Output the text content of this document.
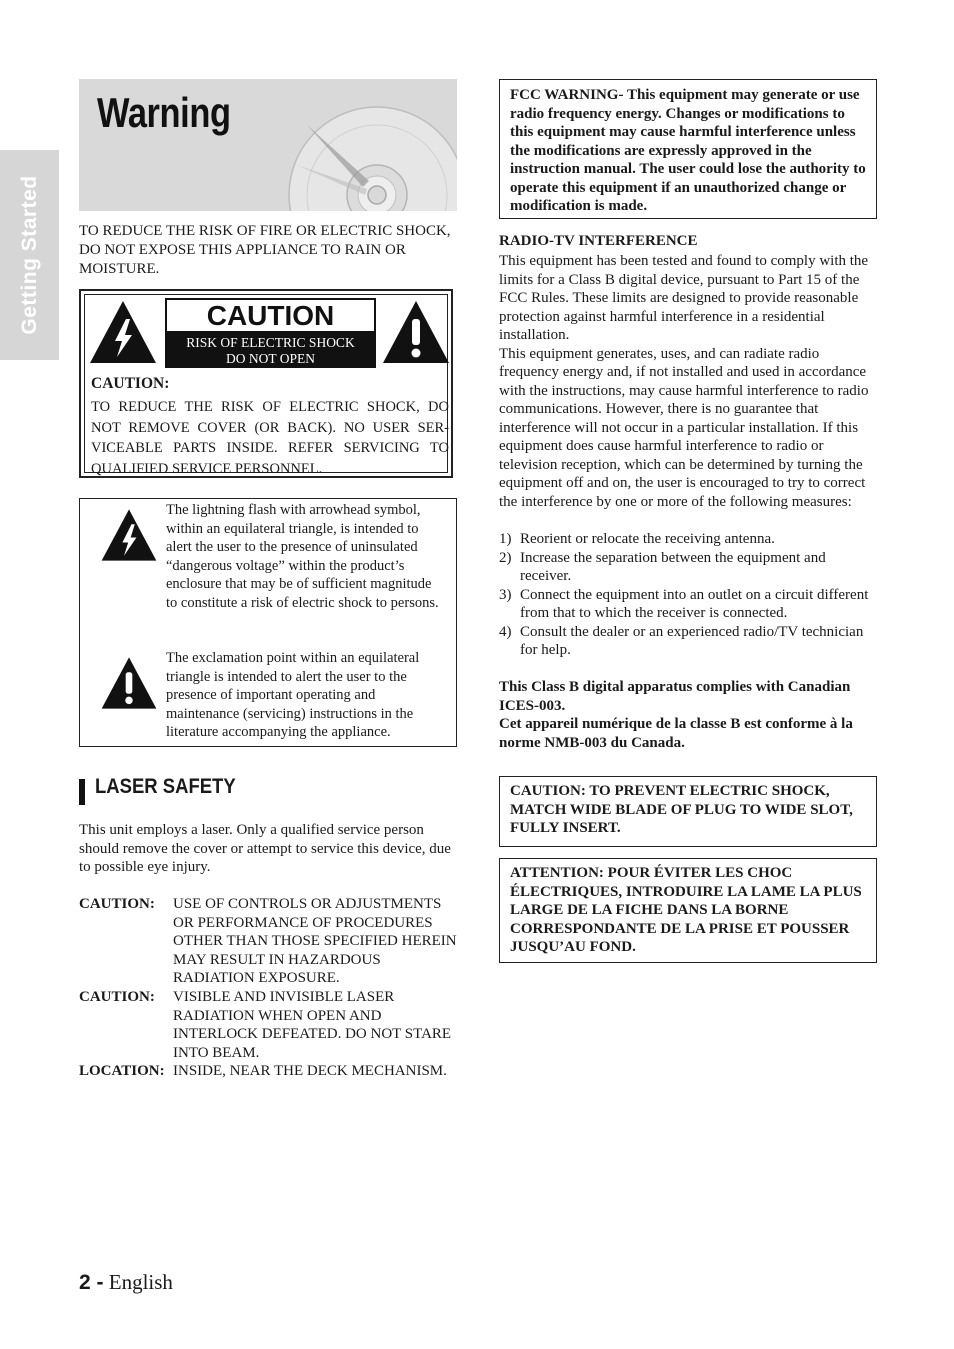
Getting Started
Warning
TO REDUCE THE RISK OF FIRE OR ELECTRIC SHOCK, DO NOT EXPOSE THIS APPLIANCE TO RAIN OR MOISTURE.
CAUTION
RISK OF ELECTRIC SHOCK
DO NOT OPEN
CAUTION:
TO REDUCE THE RISK OF ELECTRIC SHOCK, DO NOT REMOVE COVER (OR BACK). NO USER SER-VICEABLE PARTS INSIDE. REFER SERVICING TO QUALIFIED SERVICE PERSONNEL.
The lightning flash with arrowhead symbol, within an equilateral triangle, is intended to alert the user to the presence of uninsulated “dangerous voltage” within the product’s enclosure that may be of sufficient magnitude to constitute a risk of electric shock to persons.
The exclamation point within an equilateral triangle is intended to alert the user to the presence of important operating and maintenance (servicing) instructions in the literature accompanying the appliance.
LASER SAFETY
This unit employs a laser. Only a qualified service person should remove the cover or attempt to service this device, due to possible eye injury.
CAUTION: USE OF CONTROLS OR ADJUSTMENTS OR PERFORMANCE OF PROCEDURES OTHER THAN THOSE SPECIFIED HEREIN MAY RESULT IN HAZARDOUS RADIATION EXPOSURE.
CAUTION: VISIBLE AND INVISIBLE LASER RADIATION WHEN OPEN AND INTERLOCK DEFEATED. DO NOT STARE INTO BEAM.
LOCATION: INSIDE, NEAR THE DECK MECHANISM.
FCC WARNING- This equipment may generate or use radio frequency energy. Changes or modifications to this equipment may cause harmful interference unless the modifications are expressly approved in the instruction manual. The user could lose the authority to operate this equipment if an unauthorized change or modification is made.
RADIO-TV INTERFERENCE

This equipment has been tested and found to comply with the limits for a Class B digital device, pursuant to Part 15 of the FCC Rules. These limits are designed to provide reasonable protection against harmful interference in a residential installation.

This equipment generates, uses, and can radiate radio frequency energy and, if not installed and used in accordance with the instructions, may cause harmful interference to radio communications. However, there is no guarantee that interference will not occur in a particular installation. If this equipment does cause harmful interference to radio or television reception, which can be determined by turning the equipment off and on, the user is encouraged to try to correct the interference by one or more of the following measures:

1) Reorient or relocate the receiving antenna.
2) Increase the separation between the equipment and receiver.
3) Connect the equipment into an outlet on a circuit different from that to which the receiver is connected.
4) Consult the dealer or an experienced radio/TV technician for help.
This Class B digital apparatus complies with Canadian ICES-003.
Cet appareil numérique de la classe B est conforme à la norme NMB-003 du Canada.
CAUTION: TO PREVENT ELECTRIC SHOCK, MATCH WIDE BLADE OF PLUG TO WIDE SLOT, FULLY INSERT.
ATTENTION: POUR ÉVITER LES CHOC ÉLECTRIQUES, INTRODUIRE LA LAME LA PLUS LARGE DE LA FICHE DANS LA BORNE CORRESPONDANTE DE LA PRISE ET POUSSER JUSQU’AU FOND.
2 - English
